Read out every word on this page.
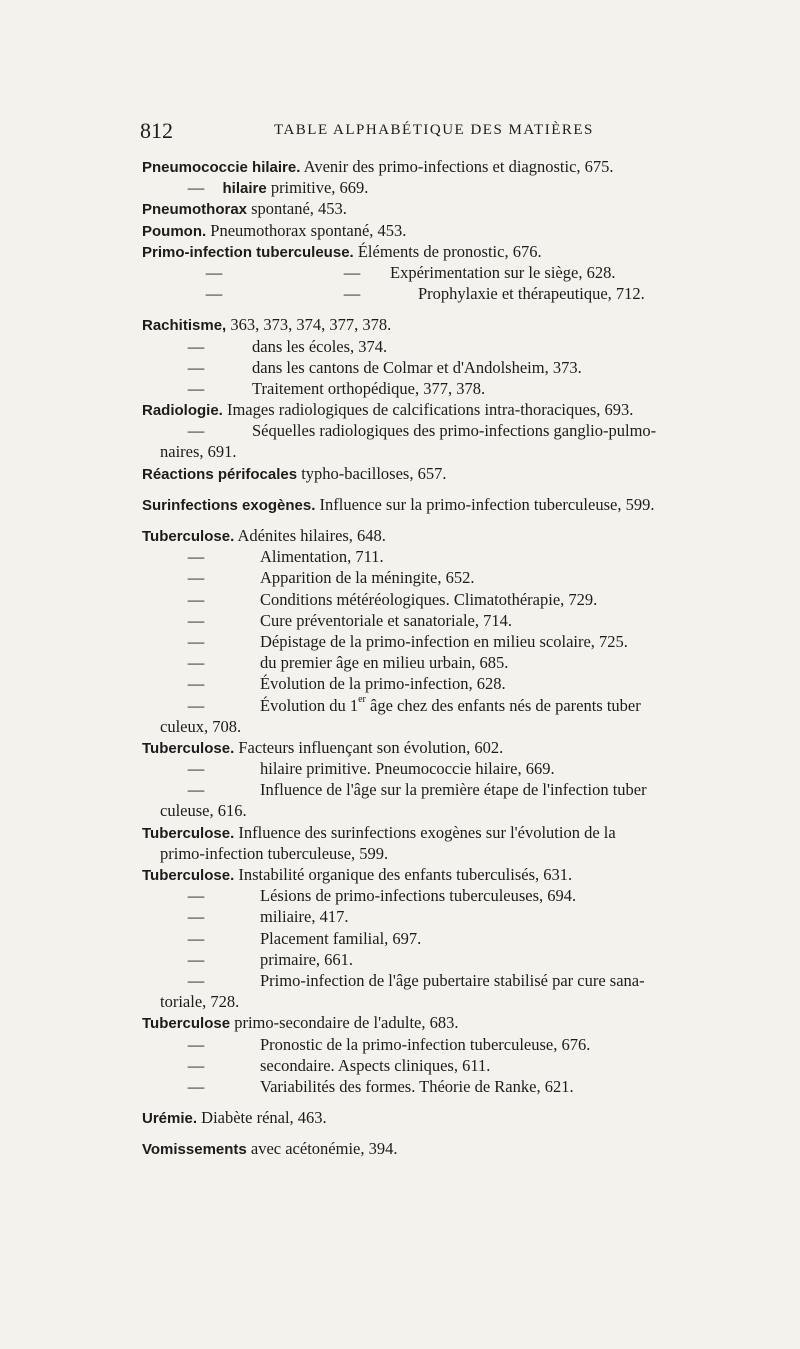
812	TABLE ALPHABÉTIQUE DES MATIÈRES
Pneumococcie hilaire. Avenir des primo-infections et diagnostic, 675.
— hilaire primitive, 669.
Pneumothorax spontané, 453.
Poumon. Pneumothorax spontané, 453.
Primo-infection tuberculeuse. Éléments de pronostic, 676.
—	— Expérimentation sur le siège, 628.
—	—	Prophylaxie et thérapeutique, 712.
Rachitisme, 363, 373, 374, 377, 378.
—	dans les écoles, 374.
—	dans les cantons de Colmar et d'Andolsheim, 373.
—	Traitement orthopédique, 377, 378.
Radiologie. Images radiologiques de calcifications intra-thoraciques, 693.
—	Séquelles radiologiques des primo-infections ganglio-pulmo-
naires, 691.
Réactions périfocales typho-bacilloses, 657.
Surinfections exogènes. Influence sur la primo-infection tuberculeuse, 599.
Tuberculose. Adénites hilaires, 648.
—	Alimentation, 711.
—	Apparition de la méningite, 652.
—	Conditions météréologiques. Climatothérapie, 729.
—	Cure préventoriale et sanatoriale, 714.
—	Dépistage de la primo-infection en milieu scolaire, 725.
—	du premier âge en milieu urbain, 685.
—	Évolution de la primo-infection, 628.
—	Évolution du 1er âge chez des enfants nés de parents tuber
culeux, 708.
Tuberculose. Facteurs influençant son évolution, 602.
—	hilaire primitive. Pneumococcie hilaire, 669.
—	Influence de l'âge sur la première étape de l'infection tuber
culeuse, 616.
Tuberculose. Influence des surinfections exogènes sur l'évolution de la
primo-infection tuberculeuse, 599.
Tuberculose. Instabilité organique des enfants tuberculisés, 631.
—	Lésions de primo-infections tuberculeuses, 694.
—	miliaire, 417.
—	Placement familial, 697.
—	primaire, 661.
—	Primo-infection de l'âge pubertaire stabilisé par cure sana-
toriale, 728.
Tuberculose primo-secondaire de l'adulte, 683.
—	Pronostic de la primo-infection tuberculeuse, 676.
—	secondaire. Aspects cliniques, 611.
—	Variabilités des formes. Théorie de Ranke, 621.
Urémie. Diabète rénal, 463.
Vomissements avec acétonémie, 394.
